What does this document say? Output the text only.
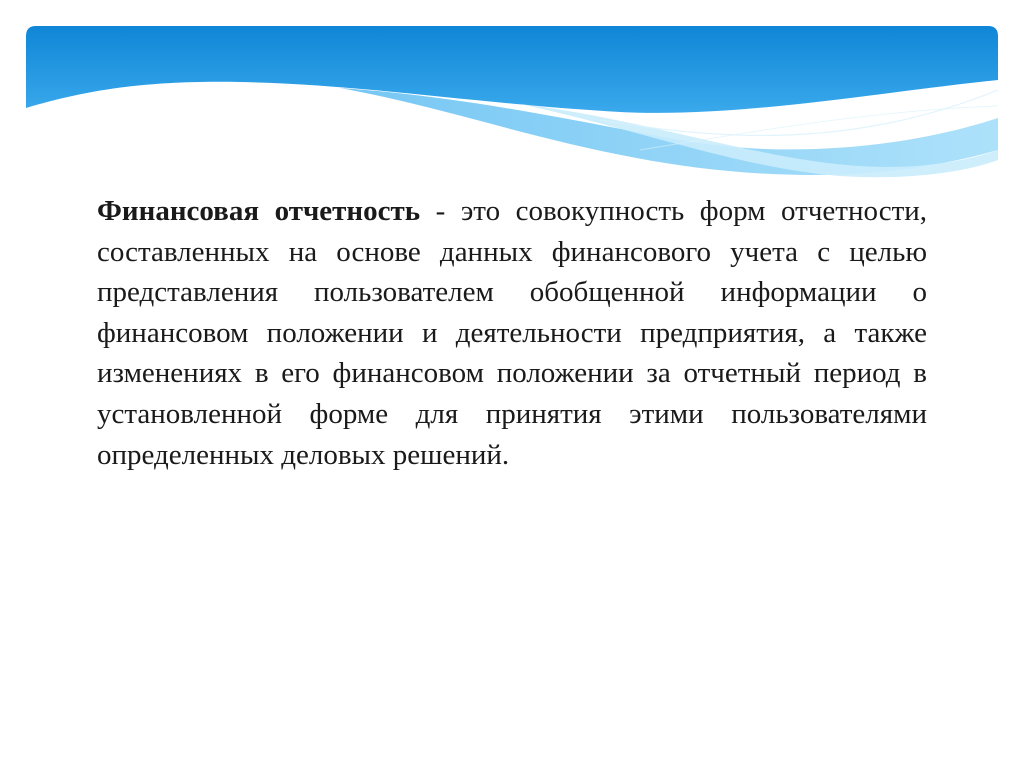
Финансовая отчетность - это совокупность форм отчетности, составленных на основе данных финансового учета с целью представления пользователем обобщенной информации о финансовом положении и деятельности предприятия, а также изменениях в его финансовом положении за отчетный период в установленной форме для принятия этими пользователями определенных деловых решений.
